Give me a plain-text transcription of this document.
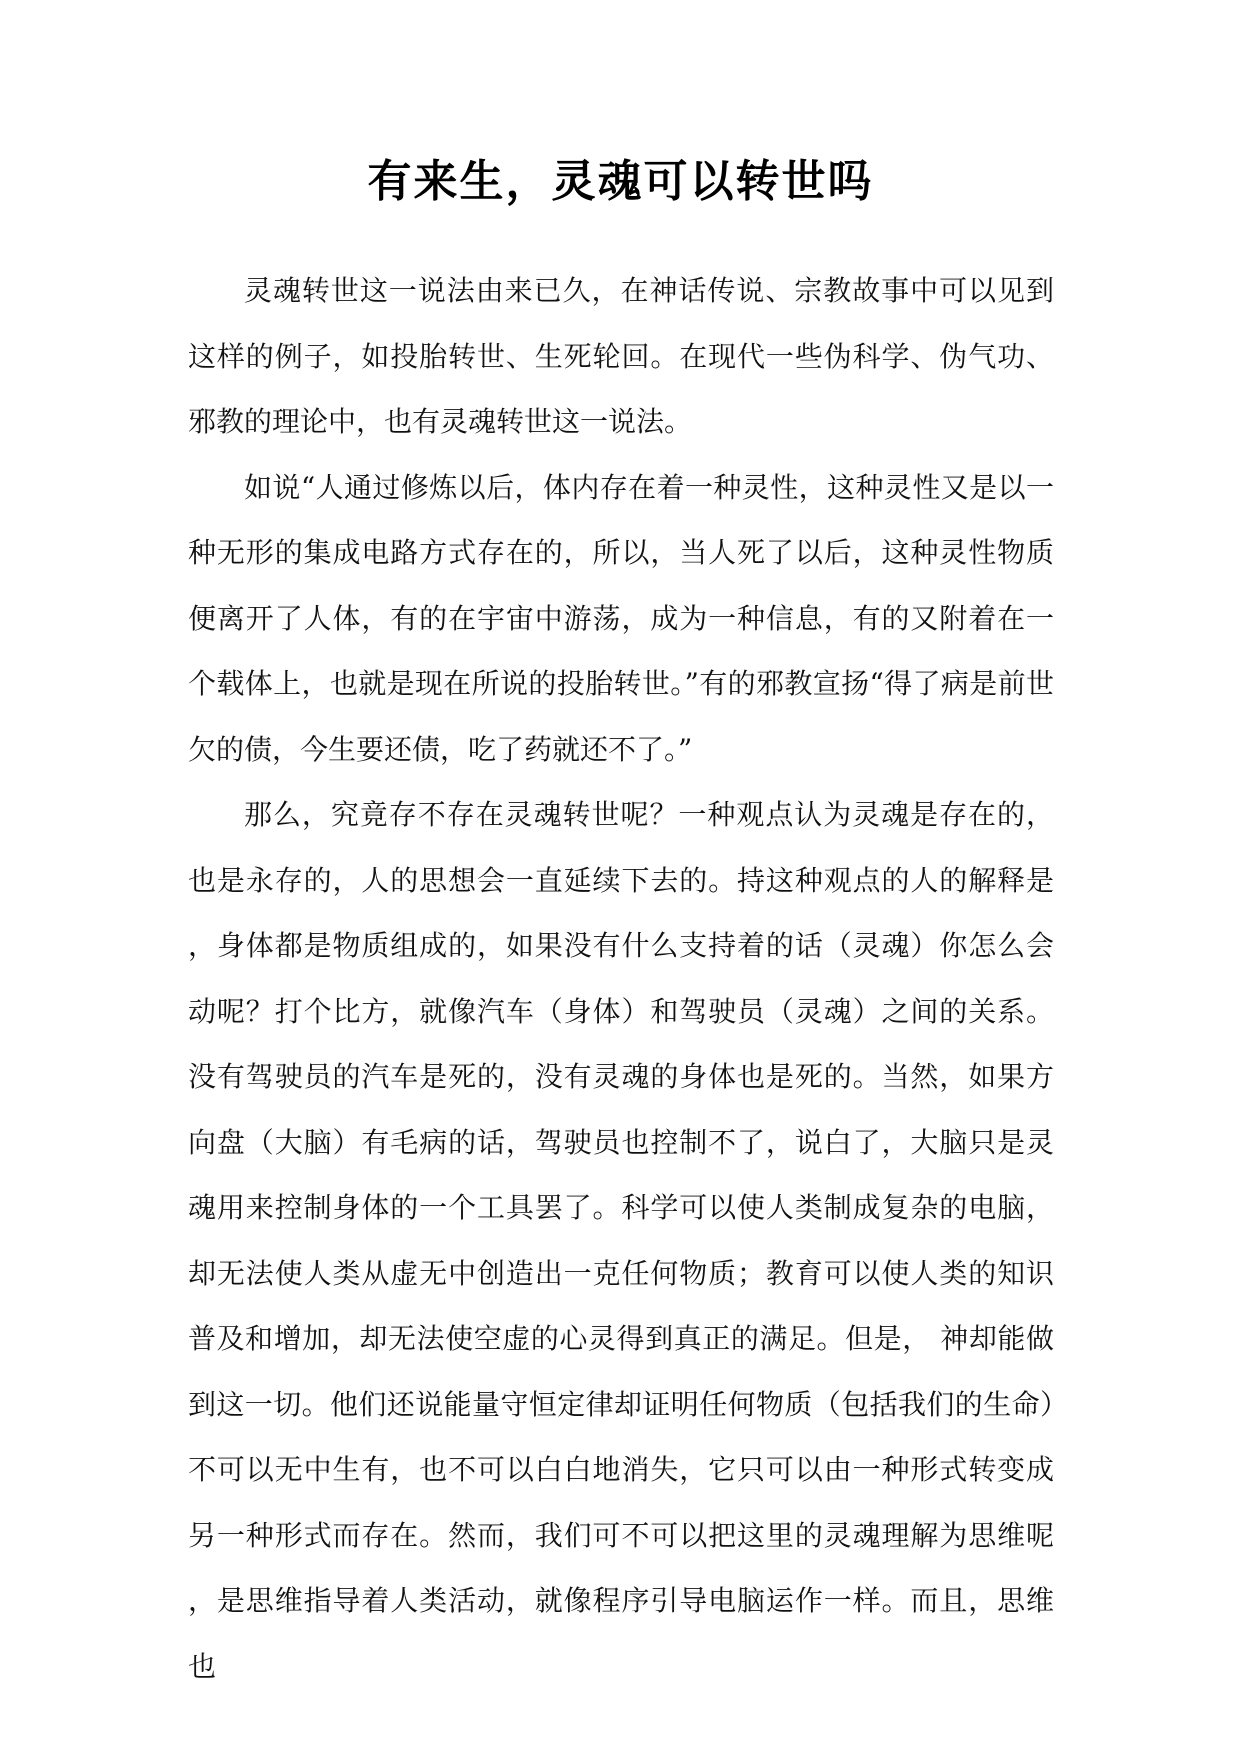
有来生，灵魂可以转世吗

灵魂转世这一说法由来已久，在神话传说、宗教故事中可以见到这样的例子，如投胎转世、生死轮回。在现代一些伪科学、伪气功、邪教的理论中，也有灵魂转世这一说法。

如说“人通过修炼以后，体内存在着一种灵性，这种灵性又是以一种无形的集成电路方式存在的，所以，当人死了以后，这种灵性物质便离开了人体，有的在宇宙中游荡，成为一种信息，有的又附着在一个载体上，也就是现在所说的投胎转世。”有的邪教宣扬“得了病是前世欠的债，今生要还债，吃了药就还不了。”

那么，究竟存不存在灵魂转世呢？一种观点认为灵魂是存在的，也是永存的，人的思想会一直延续下去的。持这种观点的人的解释是，身体都是物质组成的，如果没有什么支持着的话（灵魂）你怎么会动呢？打个比方，就像汽车（身体）和驾驶员（灵魂）之间的关系。没有驾驶员的汽车是死的，没有灵魂的身体也是死的。当然，如果方向盘（大脑）有毛病的话，驾驶员也控制不了，说白了，大脑只是灵魂用来控制身体的一个工具罢了。科学可以使人类制成复杂的电脑，却无法使人类从虚无中创造出一克任何物质；教育可以使人类的知识普及和增加，却无法使空虚的心灵得到真正的满足。但是， 神却能做到这一切。他们还说能量守恒定律却证明任何物质（包括我们的生命）不可以无中生有，也不可以白白地消失，它只可以由一种形式转变成另一种形式而存在。然而，我们可不可以把这里的灵魂理解为思维呢，是思维指导着人类活动，就像程序引导电脑运作一样。而且，思维也
